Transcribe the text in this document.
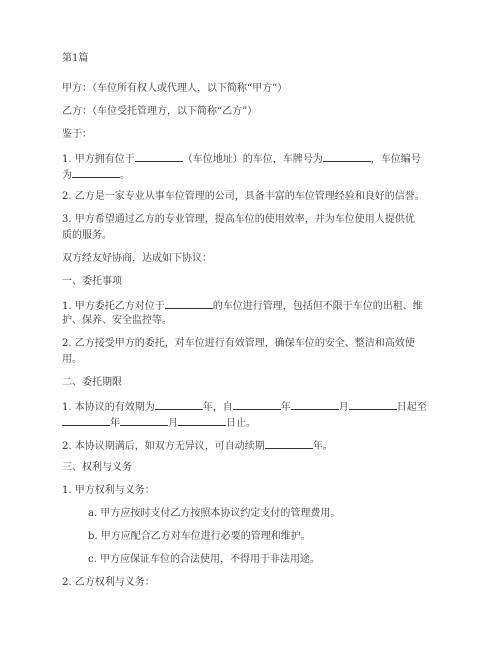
第1篇

甲方：（车位所有权人或代理人，以下简称“甲方”）

乙方：（车位受托管理方，以下简称“乙方”）

鉴于：

1. 甲方拥有位于	（车位地址）的车位，车牌号为	，车位编号

为	。

2. 乙方是一家专业从事车位管理的公司，具备丰富的车位管理经验和良好的信誉。

3. 甲方希望通过乙方的专业管理，提高车位的使用效率，并为车位使用人提供优

质的服务。

双方经友好协商，达成如下协议：

一、委托事项

1. 甲方委托乙方对位于	的车位进行管理，包括但不限于车位的出租、维

护、保养、安全监控等。

2. 乙方接受甲方的委托，对车位进行有效管理，确保车位的安全、整洁和高效使

用。

二、委托期限

1. 本协议的有效期为	年，自	年	月	日起至

年	月	日止。

2. 本协议期满后，如双方无异议，可自动续期	年。

三、权利与义务

1. 甲方权利与义务：

a. 甲方应按时支付乙方按照本协议约定支付的管理费用。

b. 甲方应配合乙方对车位进行必要的管理和维护。

c. 甲方应保证车位的合法使用，不得用于非法用途。

2. 乙方权利与义务：
